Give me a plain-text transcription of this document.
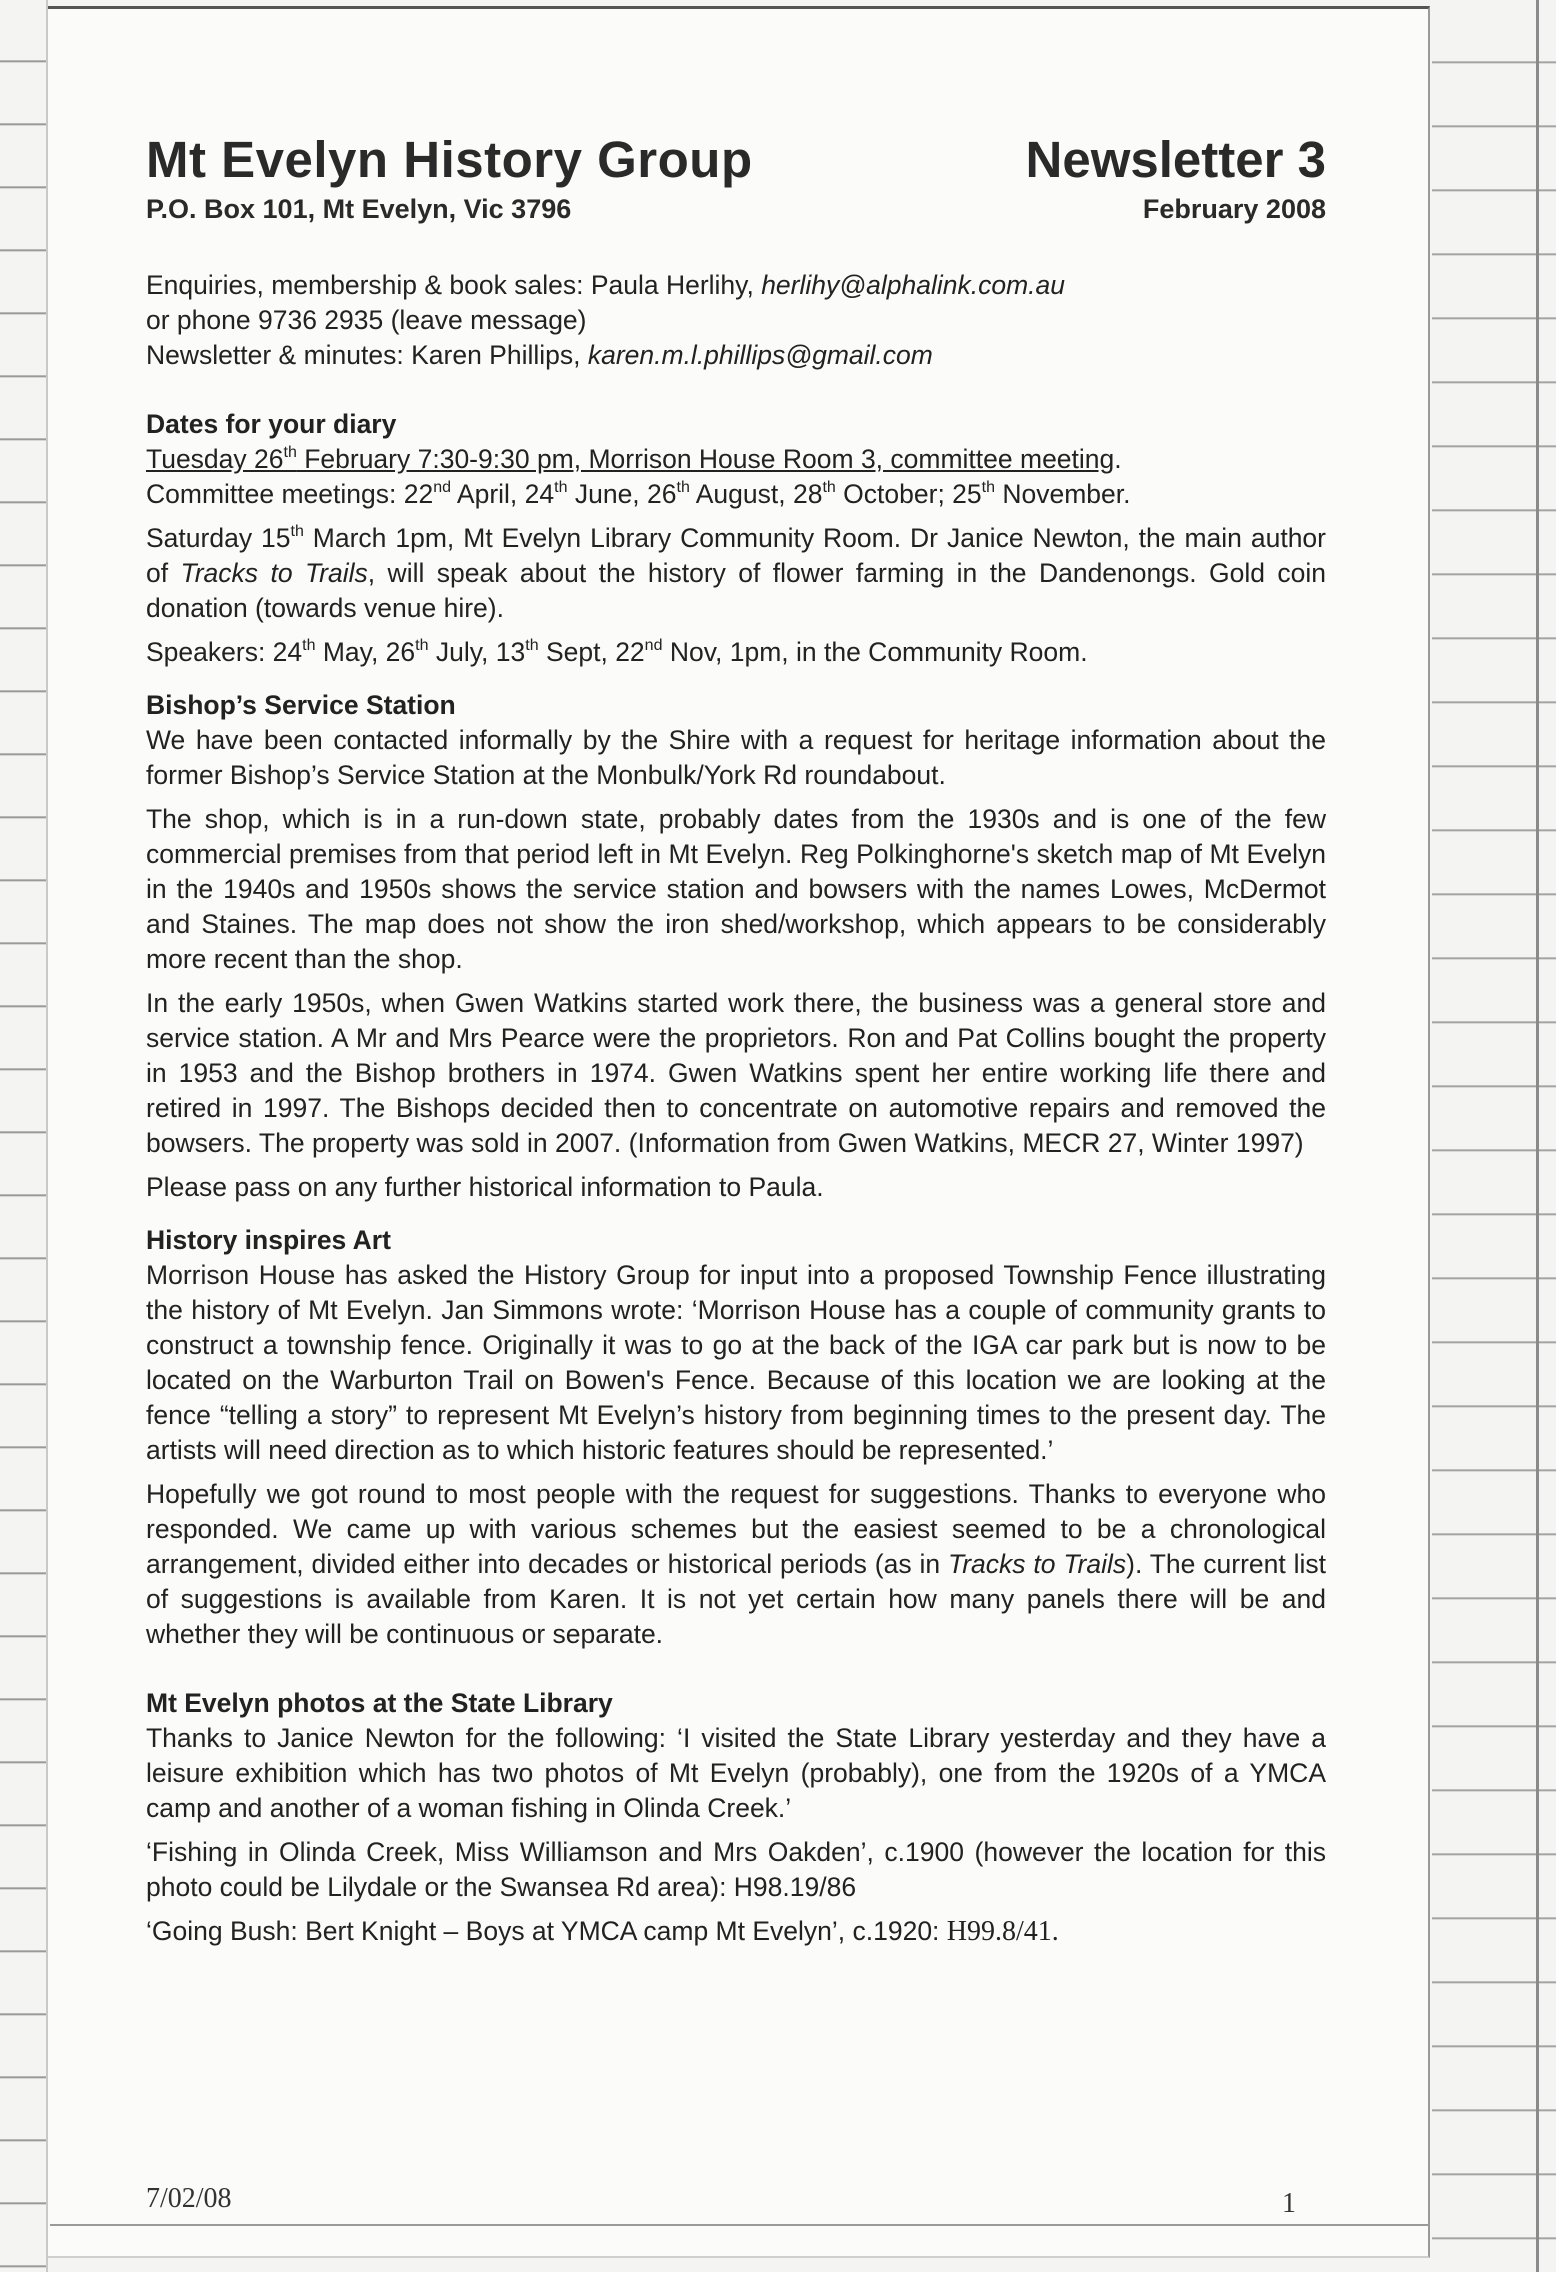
Mt Evelyn History Group
P.O. Box 101, Mt Evelyn, Vic 3796
Newsletter 3
February 2008
Enquiries, membership & book sales: Paula Herlihy, herlihy@alphalink.com.au
or phone 9736 2935 (leave message)
Newsletter & minutes: Karen Phillips, karen.m.l.phillips@gmail.com
Dates for your diary

Tuesday 26th February 7:30-9:30 pm, Morrison House Room 3, committee meeting.

Committee meetings: 22nd April, 24th June, 26th August, 28th October; 25th November.

Saturday 15th March 1pm, Mt Evelyn Library Community Room. Dr Janice Newton, the main author of Tracks to Trails, will speak about the history of flower farming in the Dandenongs. Gold coin donation (towards venue hire).

Speakers: 24th May, 26th July, 13th Sept, 22nd Nov, 1pm, in the Community Room.

Bishop’s Service Station

We have been contacted informally by the Shire with a request for heritage information about the former Bishop’s Service Station at the Monbulk/York Rd roundabout.

The shop, which is in a run-down state, probably dates from the 1930s and is one of the few commercial premises from that period left in Mt Evelyn. Reg Polkinghorne's sketch map of Mt Evelyn in the 1940s and 1950s shows the service station and bowsers with the names Lowes, McDermot and Staines. The map does not show the iron shed/workshop, which appears to be considerably more recent than the shop.

In the early 1950s, when Gwen Watkins started work there, the business was a general store and service station. A Mr and Mrs Pearce were the proprietors. Ron and Pat Collins bought the property in 1953 and the Bishop brothers in 1974. Gwen Watkins spent her entire working life there and retired in 1997. The Bishops decided then to concentrate on automotive repairs and removed the bowsers. The property was sold in 2007. (Information from Gwen Watkins, MECR 27, Winter 1997)

Please pass on any further historical information to Paula.

History inspires Art

Morrison House has asked the History Group for input into a proposed Township Fence illustrating the history of Mt Evelyn. Jan Simmons wrote: ‘Morrison House has a couple of community grants to construct a township fence. Originally it was to go at the back of the IGA car park but is now to be located on the Warburton Trail on Bowen's Fence. Because of this location we are looking at the fence “telling a story” to represent Mt Evelyn’s history from beginning times to the present day. The artists will need direction as to which historic features should be represented.’

Hopefully we got round to most people with the request for suggestions. Thanks to everyone who responded. We came up with various schemes but the easiest seemed to be a chronological arrangement, divided either into decades or historical periods (as in Tracks to Trails). The current list of suggestions is available from Karen. It is not yet certain how many panels there will be and whether they will be continuous or separate.

Mt Evelyn photos at the State Library

Thanks to Janice Newton for the following: ‘I visited the State Library yesterday and they have a leisure exhibition which has two photos of Mt Evelyn (probably), one from the 1920s of a YMCA camp and another of a woman fishing in Olinda Creek.’

‘Fishing in Olinda Creek, Miss Williamson and Mrs Oakden’, c.1900 (however the location for this photo could be Lilydale or the Swansea Rd area): H98.19/86

‘Going Bush: Bert Knight – Boys at YMCA camp Mt Evelyn’, c.1920: H99.8/41.

7/02/08	1
